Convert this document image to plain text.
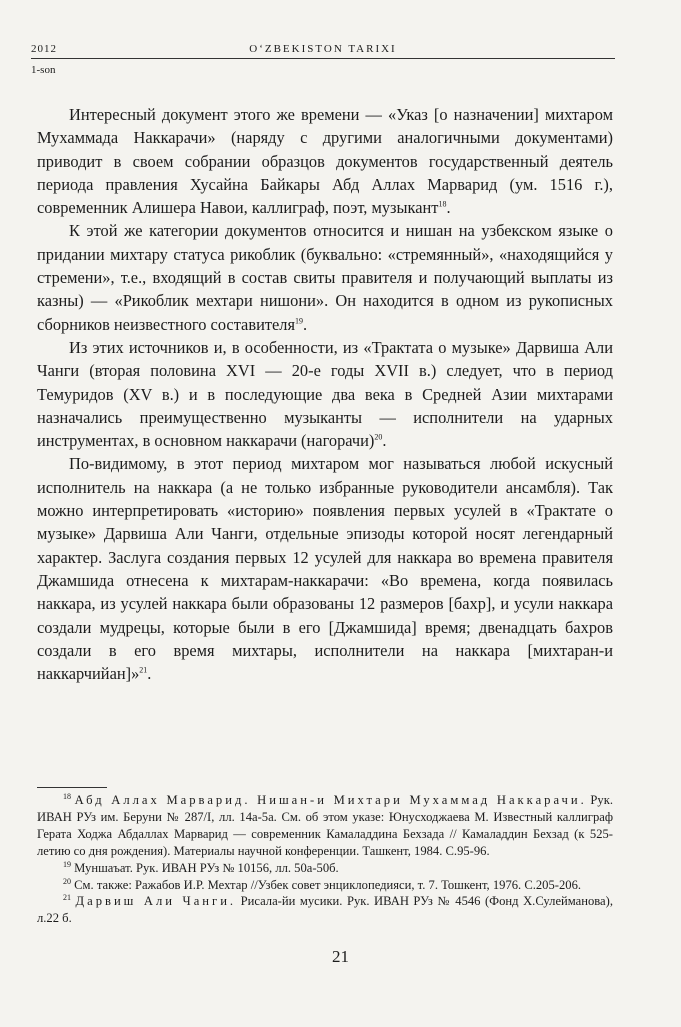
2012	O‘ZBEKISTON TARIXI
1-son

Интересный документ этого же времени — «Указ [о назначении] михтаром Мухаммада Наккарачи» (наряду с другими аналогичными документами) приводит в своем собрании образцов документов государственный деятель периода правления Хусайна Байкары Абд Аллах Марварид (ум. 1516 г.), современник Алишера Навои, каллиграф, поэт, музыкант$^{18}$.

К этой же категории документов относится и нишан на узбекском языке о придании михтару статуса рикоблик (буквально: «стремянный», «находящийся у стремени», т.е., входящий в состав свиты правителя и получающий выплаты из казны) — «Рикоблик мехтари нишони». Он находится в одном из рукописных сборников неизвестного составителя$^{19}$.

Из этих источников и, в особенности, из «Трактата о музыке» Дарвиша Али Чанги (вторая половина XVI — 20-е годы XVII в.) следует, что в период Темуридов (XV в.) и в последующие два века в Средней Азии михтарами назначались преимущественно музыканты — исполнители на ударных инструментах, в основном наккарачи (нагорачи)$^{20}$.

По-видимому, в этот период михтаром мог называться любой искусный исполнитель на наккара (а не только избранные руководители ансамбля). Так можно интерпретировать «историю» появления первых усулей в «Трактате о музыке» Дарвиша Али Чанги, отдельные эпизоды которой носят легендарный характер. Заслуга создания первых 12 усулей для наккара во времена правителя Джамшида отнесена к михтарам-наккарачи: «Во времена, когда появилась наккара, из усулей наккара были образованы 12 размеров [бахр], и усули наккара создали мудрецы, которые были в его [Джамшида] время; двенадцать бахров создали в его время михтары, исполнители на наккара [михтаран-и наккарчийан]»$^{21}$.

$^{18}$ Абд Аллах Марварид. Нишан-и Михтари Мухаммад Наккарачи. Рук. ИВАН РУз им. Беруни № 287/I, лл. 14а-5а. См. об этом указе: Юнусходжаева М. Известный каллиграф Герата Ходжа Абдаллах Марварид — современник Камаладдина Бехзада // Камаладдин Бехзад (к 525-летию со дня рождения). Материалы научной конференции. Ташкент, 1984. С.95-96.

$^{19}$ Муншаъат. Рук. ИВАН РУз № 10156, лл. 50а-50б.

$^{20}$ См. также: Ражабов И.Р. Мехтар //Узбек совет энциклопедияси, т. 7. Тошкент, 1976. С.205-206.

$^{21}$ Дарвиш Али Чанги. Рисала-йи мусики. Рук. ИВАН РУз № 4546 (Фонд Х.Сулейманова), л.22 б.

21
